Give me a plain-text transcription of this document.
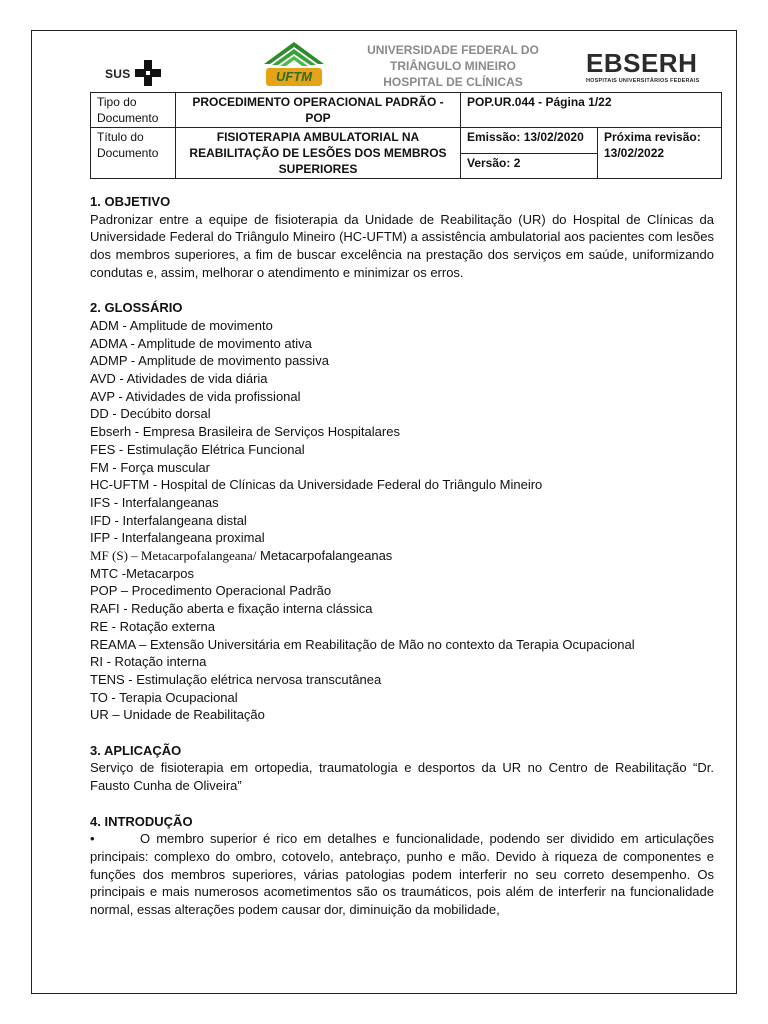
SUS	UFTM
UNIVERSIDADE FEDERAL DO
TRIÂNGULO MINEIRO
HOSPITAL DE CLÍNICAS
EBSERH
HOSPITAIS UNIVERSITÁRIOS FEDERAIS
Tipo do Documento	PROCEDIMENTO OPERACIONAL PADRÃO -POP	POP.UR.044 - Página 1/22	
Título do Documento	FISIOTERAPIA AMBULATORIAL NA REABILITAÇÃO DE LESÕES DOS MEMBROS SUPERIORES	Emissão: 13/02/2020	Próxima revisão:
13/02/2022

		Versão: 2	

1. OBJETIVO

Padronizar entre a equipe de fisioterapia da Unidade de Reabilitação (UR) do Hospital de Clínicas da Universidade Federal do Triângulo Mineiro (HC-UFTM) a assistência ambulatorial aos pacientes com lesões dos membros superiores, a fim de buscar excelência na prestação dos serviços em saúde, uniformizando condutas e, assim, melhorar o atendimento e minimizar os erros.

2. GLOSSÁRIO

ADM - Amplitude de movimento

ADMA - Amplitude de movimento ativa

ADMP - Amplitude de movimento passiva

AVD - Atividades de vida diária

AVP - Atividades de vida profissional

DD - Decúbito dorsal

Ebserh - Empresa Brasileira de Serviços Hospitalares

FES - Estimulação Elétrica Funcional

FM - Força muscular

HC-UFTM - Hospital de Clínicas da Universidade Federal do Triângulo Mineiro

IFS - Interfalangeanas

IFD - Interfalangeana distal

IFP - Interfalangeana proximal

MF (S) – Metacarpofalangeana/ Metacarpofalangeanas

MTC -Metacarpos

POP – Procedimento Operacional Padrão

RAFI - Redução aberta e fixação interna clássica

RE - Rotação externa

REAMA – Extensão Universitária em Reabilitação de Mão no contexto da Terapia Ocupacional

RI - Rotação interna

TENS - Estimulação elétrica nervosa transcutânea

TO - Terapia Ocupacional

UR – Unidade de Reabilitação

3. APLICAÇÃO

Serviço de fisioterapia em ortopedia, traumatologia e desportos da UR no Centro de Reabilitação “Dr. Fausto Cunha de Oliveira”

4. INTRODUÇÃO

•	O membro superior é rico em detalhes e funcionalidade, podendo ser dividido em articulações principais: complexo do ombro, cotovelo, antebraço, punho e mão. Devido à riqueza de componentes e funções dos membros superiores, várias patologias podem interferir no seu correto desempenho. Os principais e mais numerosos acometimentos são os traumáticos, pois além de interferir na funcionalidade normal, essas alterações podem causar dor, diminuição da mobilidade,
